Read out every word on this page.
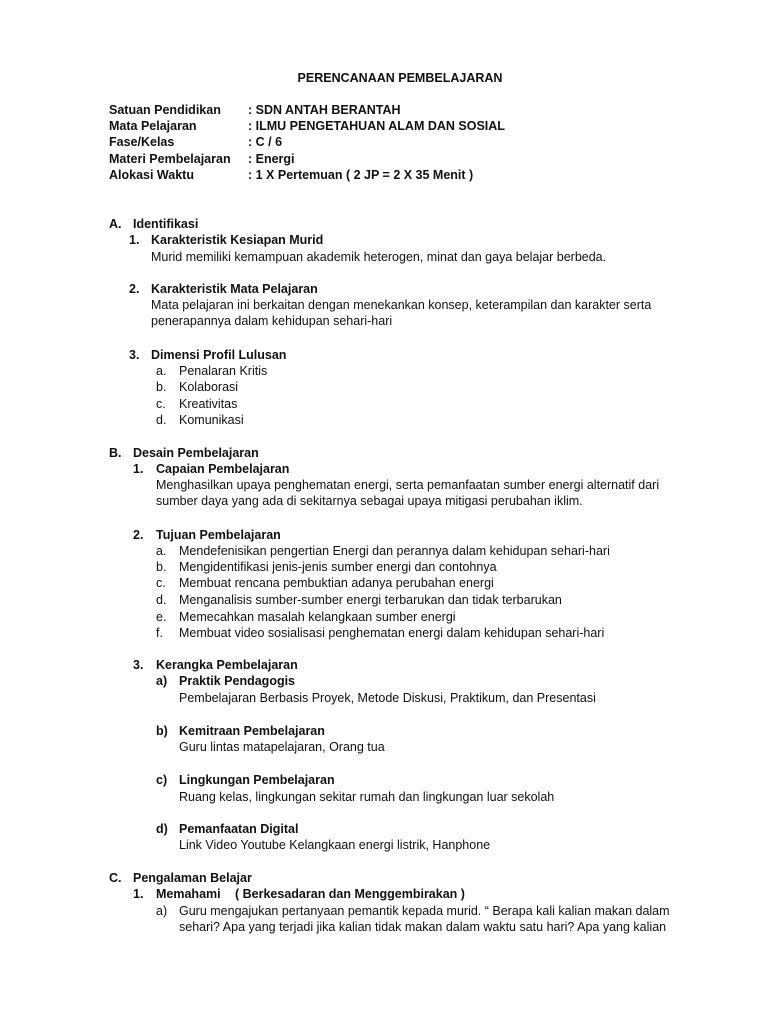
PERENCANAAN PEMBELAJARAN
Satuan Pendidikan : SDN ANTAH BERANTAH
Mata Pelajaran	: ILMU PENGETAHUAN ALAM DAN SOSIAL
Fase/Kelas	: C / 6
Materi Pembelajaran : Energi
Alokasi Waktu	: 1 X Pertemuan ( 2 JP = 2 X 35 Menit )
A. Identifikasi
1. Karakteristik Kesiapan Murid
Murid memiliki kemampuan akademik heterogen, minat dan gaya belajar berbeda.
2. Karakteristik Mata Pelajaran
Mata pelajaran ini berkaitan dengan menekankan konsep, keterampilan dan karakter serta
penerapannya dalam kehidupan sehari-hari
3. Dimensi Profil Lulusan
a. Penalaran Kritis
b. Kolaborasi
c. Kreativitas
d. Komunikasi
B. Desain Pembelajaran
1. Capaian Pembelajaran
Menghasilkan upaya penghematan energi, serta pemanfaatan sumber energi alternatif dari
sumber daya yang ada di sekitarnya sebagai upaya mitigasi perubahan iklim.
2. Tujuan Pembelajaran
a. Mendefenisikan pengertian Energi dan perannya dalam kehidupan sehari-hari
b. Mengidentifikasi jenis-jenis sumber energi dan contohnya
c. Membuat rencana pembuktian adanya perubahan energi
d. Menganalisis sumber-sumber energi terbarukan dan tidak terbarukan
e. Memecahkan masalah kelangkaan sumber energi
f. Membuat video sosialisasi penghematan energi dalam kehidupan sehari-hari
3. Kerangka Pembelajaran
a) Praktik Pendagogis
Pembelajaran Berbasis Proyek, Metode Diskusi, Praktikum, dan Presentasi
b) Kemitraan Pembelajaran
Guru lintas matapelajaran, Orang tua
c) Lingkungan Pembelajaran
Ruang kelas, lingkungan sekitar rumah dan lingkungan luar sekolah
d) Pemanfaatan Digital
Link Video Youtube Kelangkaan energi listrik, Hanphone
C. Pengalaman Belajar
1. Memahami ( Berkesadaran dan Menggembirakan )
a) Guru mengajukan pertanyaan pemantik kepada murid. “ Berapa kali kalian makan dalam
sehari? Apa yang terjadi jika kalian tidak makan dalam waktu satu hari? Apa yang kalian
